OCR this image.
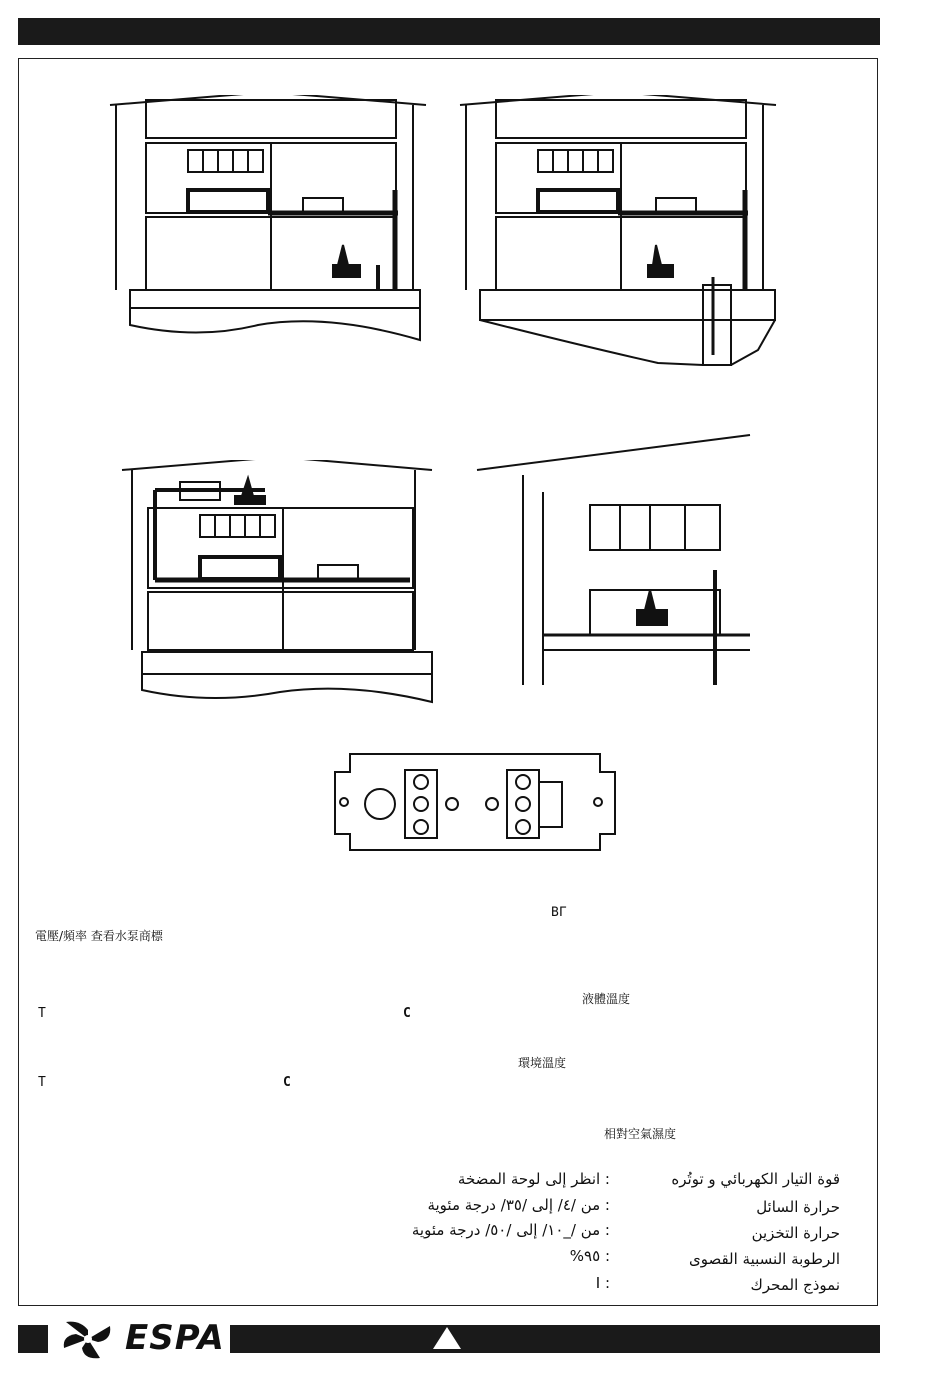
ΒΓ
T	C
T	C
電壓/頻率 查看水泵商標
液體溫度
環境溫度
相對空氣濕度
قوة التيار الكهربائي و توتُره
: انظر إلى لوحة المضخة
حرارة السائل
: من /٤/ إلى /٣٥/ درجة مئوية
حرارة التخزين
: من /_١٠/ إلى /٥٠/ درجة مئوية
الرطوبة النسبية القصوى
: ٩٥%
نموذج المحرك
: I
ESPA
